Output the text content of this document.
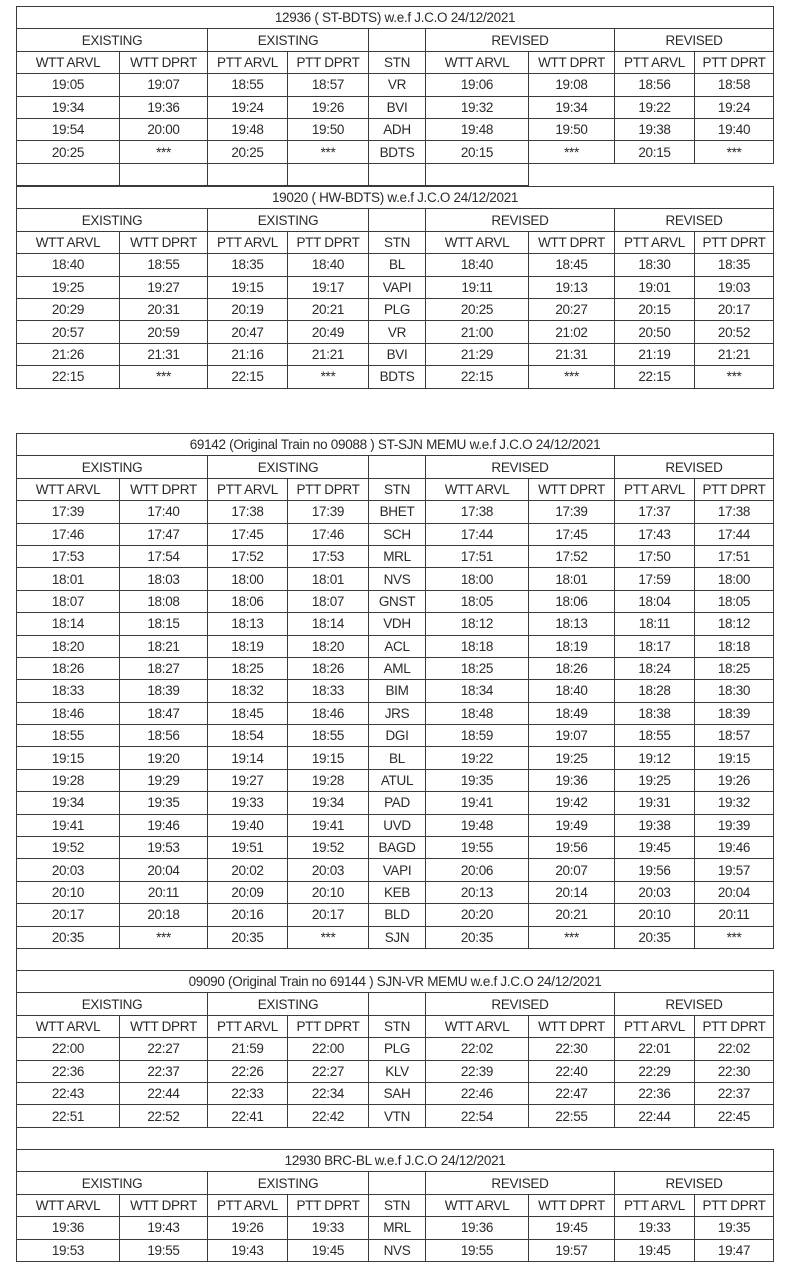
12936 ( ST-BDTS) w.e.f J.C.O 24/12/2021								
EXISTING		EXISTING			REVISED		REVISED	
WTT ARVL	WTT DPRT	PTT ARVL	PTT DPRT	STN	WTT ARVL	WTT DPRT	PTT ARVL	PTT DPRT
19:05	19:07	18:55	18:57	VR	19:06	19:08	18:56	18:58
19:34	19:36	19:24	19:26	BVI	19:32	19:34	19:22	19:24
19:54	20:00	19:48	19:50	ADH	19:48	19:50	19:38	19:40
20:25	***	20:25	***	BDTS	20:15	***	20:15	***

19020 ( HW-BDTS) w.e.f J.C.O 24/12/2021								
EXISTING		EXISTING			REVISED		REVISED	
WTT ARVL	WTT DPRT	PTT ARVL	PTT DPRT	STN	WTT ARVL	WTT DPRT	PTT ARVL	PTT DPRT
18:40	18:55	18:35	18:40	BL	18:40	18:45	18:30	18:35
19:25	19:27	19:15	19:17	VAPI	19:11	19:13	19:01	19:03
20:29	20:31	20:19	20:21	PLG	20:25	20:27	20:15	20:17
20:57	20:59	20:47	20:49	VR	21:00	21:02	20:50	20:52
21:26	21:31	21:16	21:21	BVI	21:29	21:31	21:19	21:21
22:15	***	22:15	***	BDTS	22:15	***	22:15	***
69142 (Original Train no 09088 ) ST-SJN MEMU w.e.f J.C.O 24/12/2021								
EXISTING		EXISTING			REVISED		REVISED	
WTT ARVL	WTT DPRT	PTT ARVL	PTT DPRT	STN	WTT ARVL	WTT DPRT	PTT ARVL	PTT DPRT
17:39	17:40	17:38	17:39	BHET	17:38	17:39	17:37	17:38
17:46	17:47	17:45	17:46	SCH	17:44	17:45	17:43	17:44
17:53	17:54	17:52	17:53	MRL	17:51	17:52	17:50	17:51
18:01	18:03	18:00	18:01	NVS	18:00	18:01	17:59	18:00
18:07	18:08	18:06	18:07	GNST	18:05	18:06	18:04	18:05
18:14	18:15	18:13	18:14	VDH	18:12	18:13	18:11	18:12
18:20	18:21	18:19	18:20	ACL	18:18	18:19	18:17	18:18
18:26	18:27	18:25	18:26	AML	18:25	18:26	18:24	18:25
18:33	18:39	18:32	18:33	BIM	18:34	18:40	18:28	18:30
18:46	18:47	18:45	18:46	JRS	18:48	18:49	18:38	18:39
18:55	18:56	18:54	18:55	DGI	18:59	19:07	18:55	18:57
19:15	19:20	19:14	19:15	BL	19:22	19:25	19:12	19:15
19:28	19:29	19:27	19:28	ATUL	19:35	19:36	19:25	19:26
19:34	19:35	19:33	19:34	PAD	19:41	19:42	19:31	19:32
19:41	19:46	19:40	19:41	UVD	19:48	19:49	19:38	19:39
19:52	19:53	19:51	19:52	BAGD	19:55	19:56	19:45	19:46
20:03	20:04	20:02	20:03	VAPI	20:06	20:07	19:56	19:57
20:10	20:11	20:09	20:10	KEB	20:13	20:14	20:03	20:04
20:17	20:18	20:16	20:17	BLD	20:20	20:21	20:10	20:11
20:35	***	20:35	***	SJN	20:35	***	20:35	***
09090 (Original Train no 69144 ) SJN-VR MEMU w.e.f J.C.O 24/12/2021								
EXISTING		EXISTING			REVISED		REVISED	
WTT ARVL	WTT DPRT	PTT ARVL	PTT DPRT	STN	WTT ARVL	WTT DPRT	PTT ARVL	PTT DPRT
22:00	22:27	21:59	22:00	PLG	22:02	22:30	22:01	22:02
22:36	22:37	22:26	22:27	KLV	22:39	22:40	22:29	22:30
22:43	22:44	22:33	22:34	SAH	22:46	22:47	22:36	22:37
22:51	22:52	22:41	22:42	VTN	22:54	22:55	22:44	22:45
12930 BRC-BL w.e.f J.C.O 24/12/2021								
EXISTING		EXISTING			REVISED		REVISED	
WTT ARVL	WTT DPRT	PTT ARVL	PTT DPRT	STN	WTT ARVL	WTT DPRT	PTT ARVL	PTT DPRT
19:36	19:43	19:26	19:33	MRL	19:36	19:45	19:33	19:35
19:53	19:55	19:43	19:45	NVS	19:55	19:57	19:45	19:47
